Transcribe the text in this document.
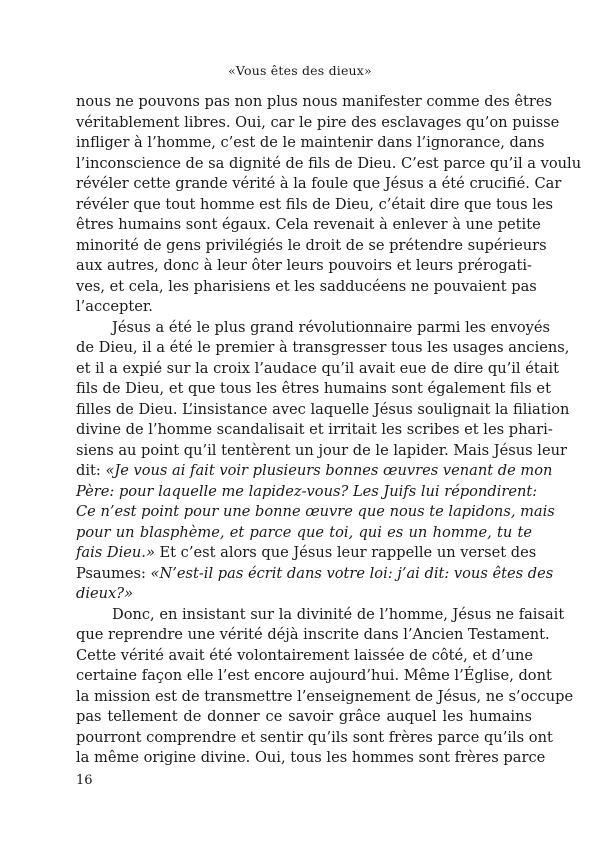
«Vous êtes des dieux»
nous ne pouvons pas non plus nous manifester comme des êtres
véritablement libres. Oui, car le pire des esclavages qu’on puisse
infliger à l’homme, c’est de le maintenir dans l’ignorance, dans
l’inconscience de sa dignité de fils de Dieu. C’est parce qu’il a voulu
révéler cette grande vérité à la foule que Jésus a été crucifié. Car
révéler que tout homme est fils de Dieu, c’était dire que tous les
êtres humains sont égaux. Cela revenait à enlever à une petite
minorité de gens privilégiés le droit de se prétendre supérieurs
aux autres, donc à leur ôter leurs pouvoirs et leurs prérogati-
ves, et cela, les pharisiens et les sadducéens ne pouvaient pas
l’accepter.
Jésus a été le plus grand révolutionnaire parmi les envoyés
de Dieu, il a été le premier à transgresser tous les usages anciens,
et il a expié sur la croix l’audace qu’il avait eue de dire qu’il était
fils de Dieu, et que tous les êtres humains sont également fils et
filles de Dieu. L’insistance avec laquelle Jésus soulignait la filiation
divine de l’homme scandalisait et irritait les scribes et les phari-
siens au point qu’il tentèrent un jour de le lapider. Mais Jésus leur
dit: «Je vous ai fait voir plusieurs bonnes œuvres venant de mon
Père: pour laquelle me lapidez-vous? Les Juifs lui répondirent:
Ce n’est point pour une bonne œuvre que nous te lapidons, mais
pour un blasphème, et parce que toi, qui es un homme, tu te
fais Dieu.» Et c’est alors que Jésus leur rappelle un verset des
Psaumes: «N’est-il pas écrit dans votre loi: j’ai dit: vous êtes des
dieux?»
Donc, en insistant sur la divinité de l’homme, Jésus ne faisait
que reprendre une vérité déjà inscrite dans l’Ancien Testament.
Cette vérité avait été volontairement laissée de côté, et d’une
certaine façon elle l’est encore aujourd’hui. Même l’Église, dont
la mission est de transmettre l’enseignement de Jésus, ne s’occupe
pas tellement de donner ce savoir grâce auquel les humains
pourront comprendre et sentir qu’ils sont frères parce qu’ils ont
la même origine divine. Oui, tous les hommes sont frères parce
16
